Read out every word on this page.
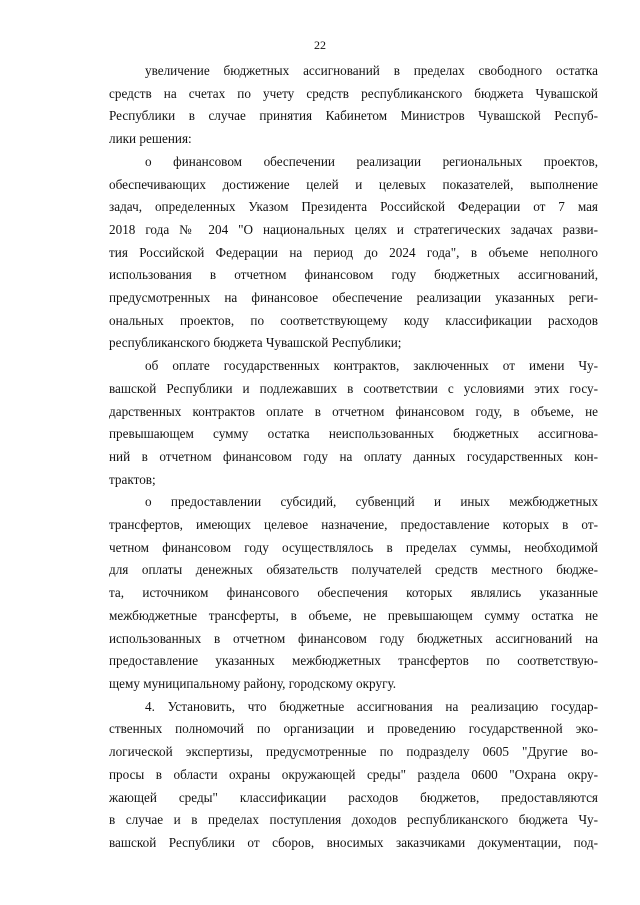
22

увеличение бюджетных ассигнований в пределах свободного остатка
средств на счетах по учету средств республиканского бюджета Чувашской
Республики в случае принятия Кабинетом Министров Чувашской Респуб-
лики решения:

о финансовом обеспечении реализации региональных проектов,
обеспечивающих достижение целей и целевых показателей, выполнение
задач, определенных Указом Президента Российской Федерации от 7 мая
2018 года № 204 "О национальных целях и стратегических задачах разви-
тия Российской Федерации на период до 2024 года", в объеме неполного
использования в отчетном финансовом году бюджетных ассигнований,
предусмотренных на финансовое обеспечение реализации указанных реги-
ональных проектов, по соответствующему коду классификации расходов
республиканского бюджета Чувашской Республики;

об оплате государственных контрактов, заключенных от имени Чу-
вашской Республики и подлежавших в соответствии с условиями этих госу-
дарственных контрактов оплате в отчетном финансовом году, в объеме, не
превышающем сумму остатка неиспользованных бюджетных ассигнова-
ний в отчетном финансовом году на оплату данных государственных кон-
трактов;

о предоставлении субсидий, субвенций и иных межбюджетных
трансфертов, имеющих целевое назначение, предоставление которых в от-
четном финансовом году осуществлялось в пределах суммы, необходимой
для оплаты денежных обязательств получателей средств местного бюдже-
та, источником финансового обеспечения которых являлись указанные
межбюджетные трансферты, в объеме, не превышающем сумму остатка не
использованных в отчетном финансовом году бюджетных ассигнований на
предоставление указанных межбюджетных трансфертов по соответствую-
щему муниципальному району, городскому округу.

4. Установить, что бюджетные ассигнования на реализацию государ-
ственных полномочий по организации и проведению государственной эко-
логической экспертизы, предусмотренные по подразделу 0605 "Другие во-
просы в области охраны окружающей среды" раздела 0600 "Охрана окру-
жающей среды" классификации расходов бюджетов, предоставляются
в случае и в пределах поступления доходов республиканского бюджета Чу-
вашской Республики от сборов, вносимых заказчиками документации, под-
